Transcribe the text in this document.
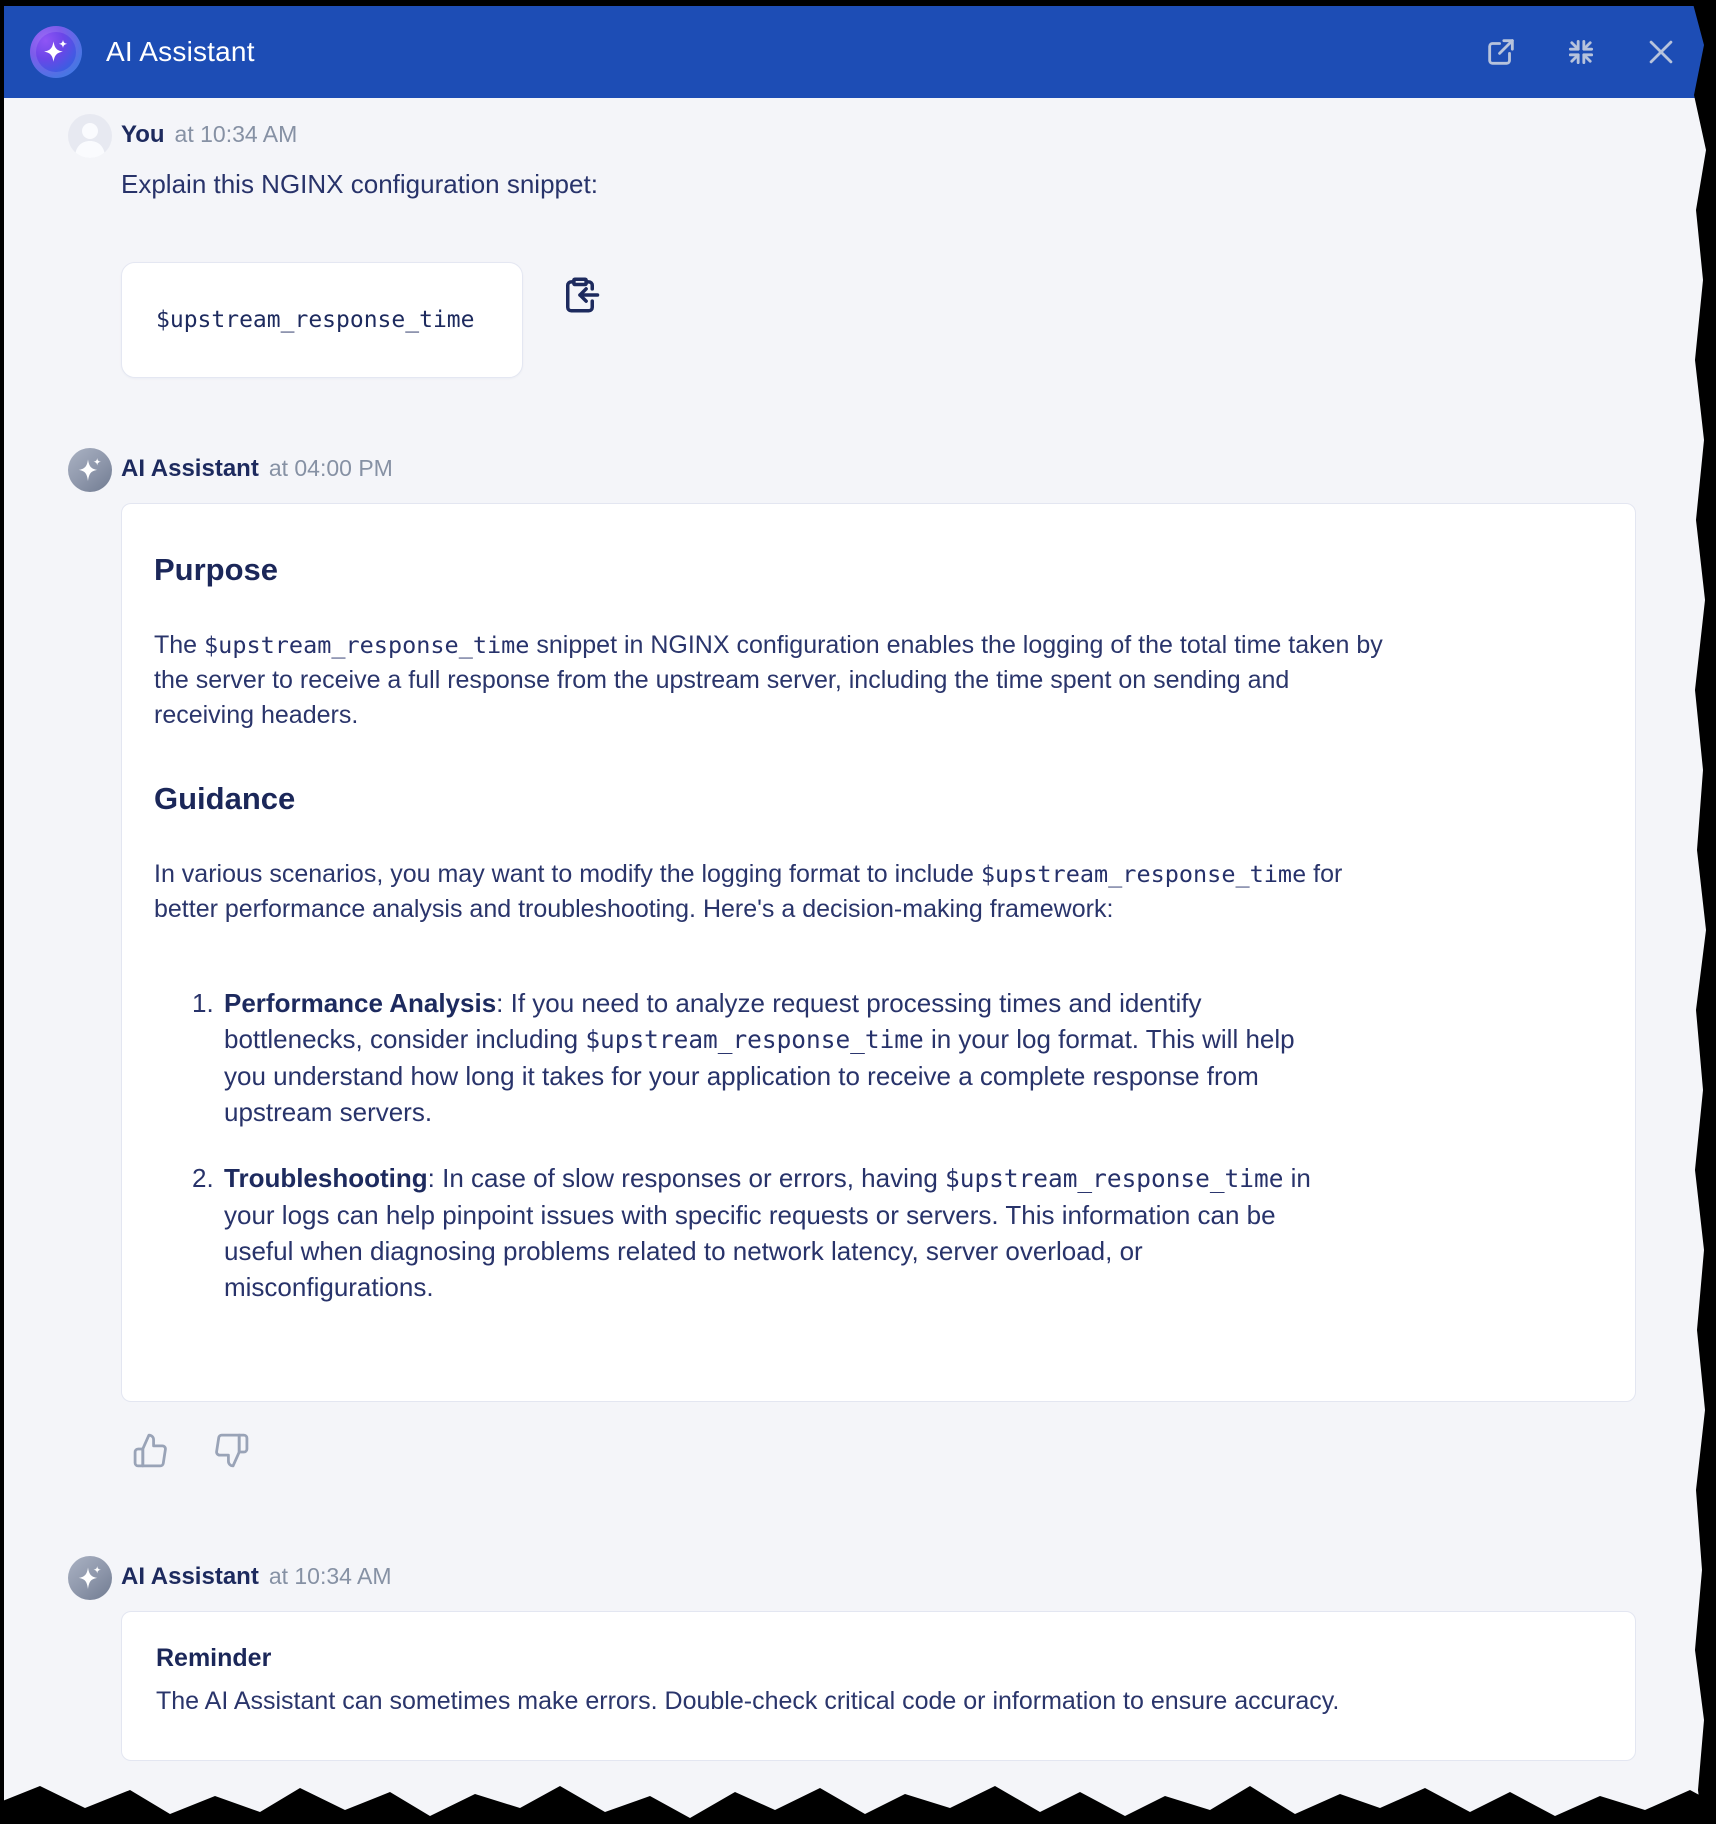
AI Assistant
You at 10:34 AM
Explain this NGINX configuration snippet:
$upstream_response_time
AI Assistant at 04:00 PM
Purpose

The $upstream_response_time snippet in NGINX configuration enables the logging of the total time taken by the server to receive a full response from the upstream server, including the time spent on sending and receiving headers.

Guidance

In various scenarios, you may want to modify the logging format to include $upstream_response_time for better performance analysis and troubleshooting. Here's a decision-making framework:

1. Performance Analysis: If you need to analyze request processing times and identify bottlenecks, consider including $upstream_response_time in your log format. This will help you understand how long it takes for your application to receive a complete response from upstream servers.
2. Troubleshooting: In case of slow responses or errors, having $upstream_response_time in your logs can help pinpoint issues with specific requests or servers. This information can be useful when diagnosing problems related to network latency, server overload, or misconfigurations.
AI Assistant at 10:34 AM
Reminder

The AI Assistant can sometimes make errors. Double-check critical code or information to ensure accuracy.
